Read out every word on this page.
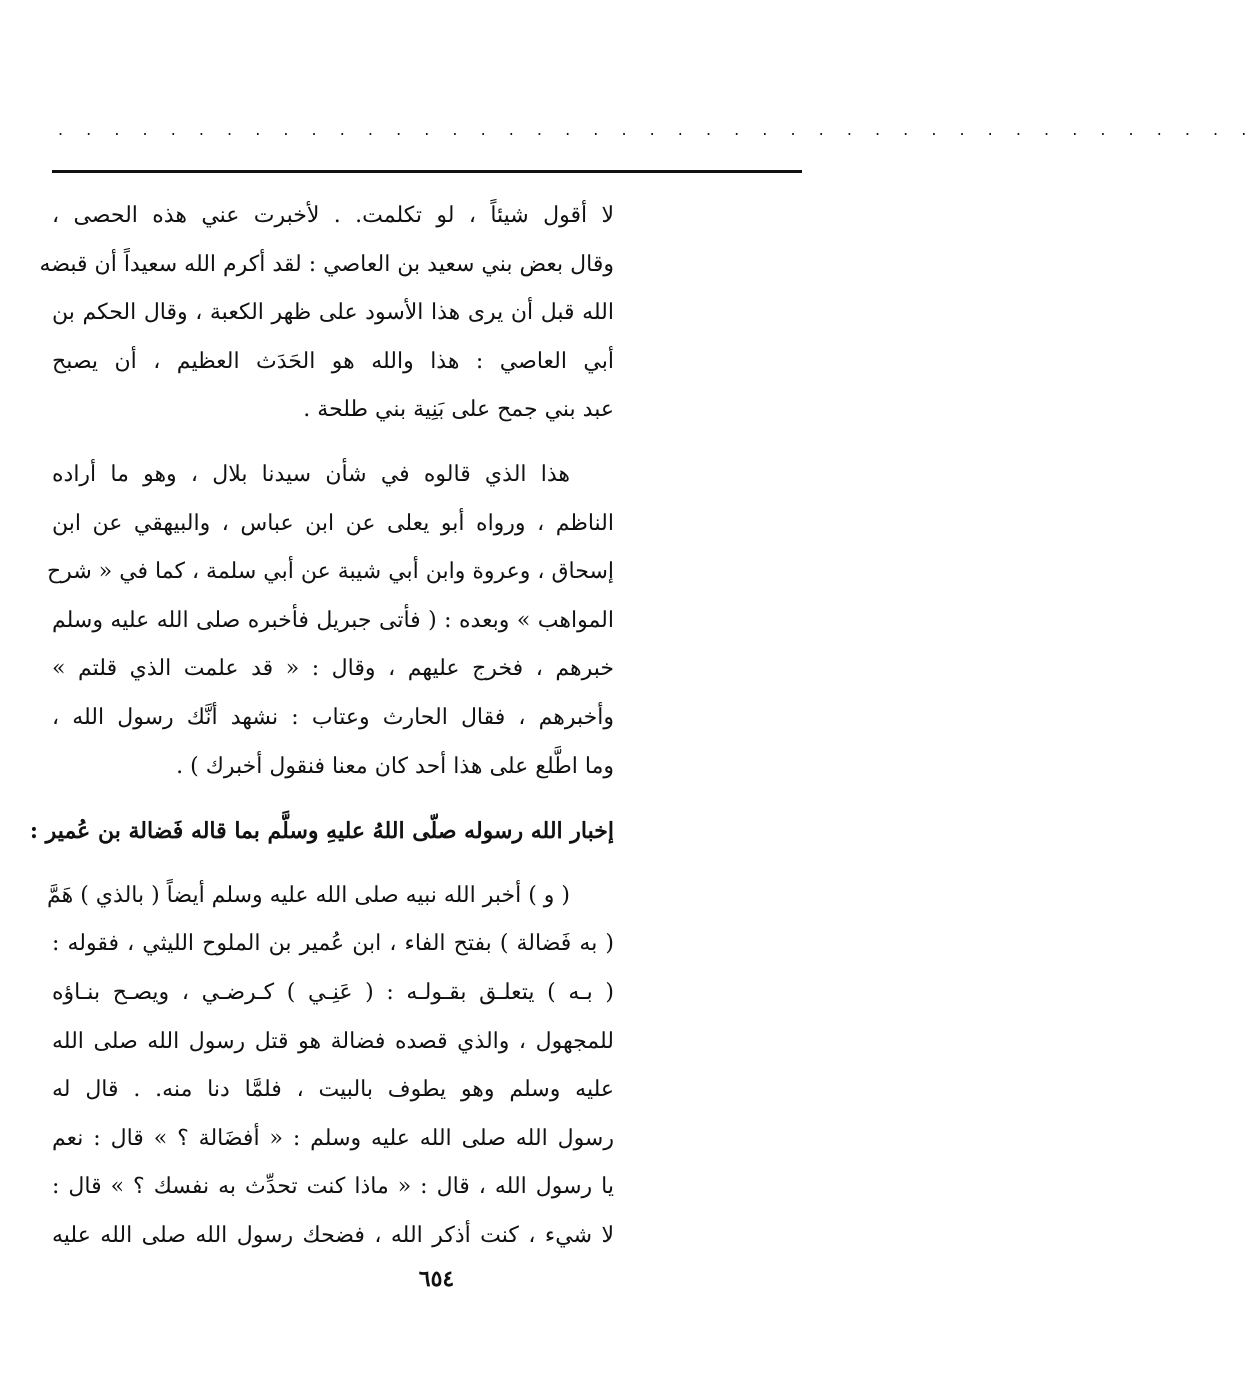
. . . . . . . . . . . . . . . . . . . . . . . . . . . . . . . . . . . . . . . . . . .
لا أقول شيئاً ، لو تكلمت. . لأخبرت عني هذه الحصى ،
وقال بعض بني سعيد بن العاصي : لقد أكرم الله سعيداً أن قبضه
الله قبل أن يرى هذا الأسود على ظهر الكعبة ، وقال الحكم بن
أبي العاصي : هذا والله هو الحَدَث العظيم ، أن يصبح
عبد بني جمح على بَنِية بني طلحة .
هذا الذي قالوه في شأن سيدنا بلال ، وهو ما أراده
الناظم ، ورواه أبو يعلى عن ابن عباس ، والبيهقي عن ابن
إسحاق ، وعروة وابن أبي شيبة عن أبي سلمة ، كما في « شرح
المواهب » وبعده : ( فأتى جبريل فأخبره صلى الله عليه وسلم
خبرهم ، فخرج عليهم ، وقال : « قد علمت الذي قلتم »
وأخبرهم ، فقال الحارث وعتاب : نشهد أنَّك رسول الله ،
وما اطَّلع على هذا أحد كان معنا فنقول أخبرك ) .
إخبار الله رسوله صلّى اللهُ عليهِ وسلَّم بما قاله فَضالة بن عُمير :
( و ) أخبر الله نبيه صلى الله عليه وسلم أيضاً ( بالذي ) هَمَّ
( به فَضالة ) بفتح الفاء ، ابن عُمير بن الملوح الليثي ، فقوله :
( بـه ) يتعلـق بقـولـه : ( عَنِـي ) كـرضـي ، ويصـح بنـاؤه
للمجهول ، والذي قصده فضالة هو قتل رسول الله صلى الله
عليه وسلم وهو يطوف بالبيت ، فلمَّا دنا منه. . قال له
رسول الله صلى الله عليه وسلم : « أفضَالة ؟ » قال : نعم
يا رسول الله ، قال : « ماذا كنت تحدِّث به نفسك ؟ » قال :
لا شيء ، كنت أذكر الله ، فضحك رسول الله صلى الله عليه
٦٥٤
